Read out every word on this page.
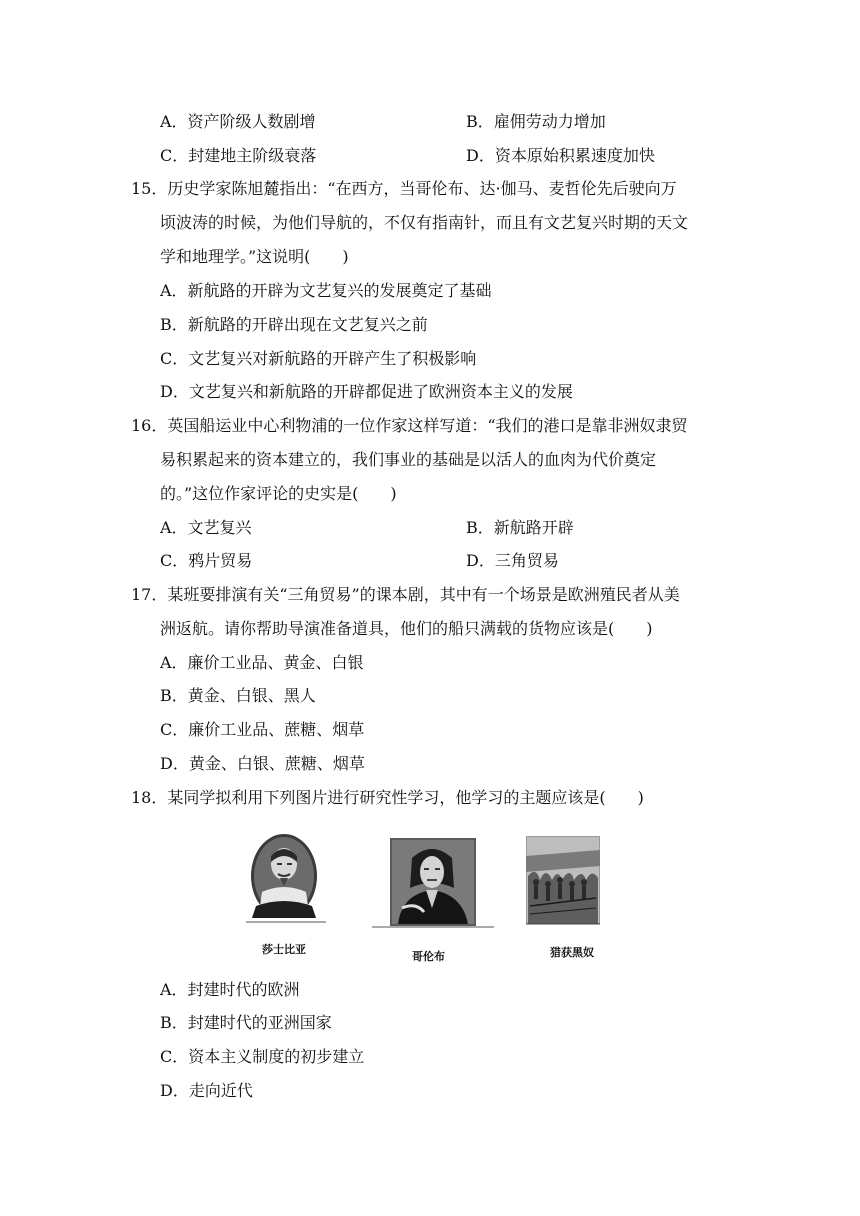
A．资产阶级人数剧增	B．雇佣劳动力增加
C．封建地主阶级衰落	D．资本原始积累速度加快
15．历史学家陈旭麓指出：“在西方，当哥伦布、达·伽马、麦哲伦先后驶向万
顷波涛的时候，为他们导航的，不仅有指南针，而且有文艺复兴时期的天文
学和地理学。”这说明(　　)
A．新航路的开辟为文艺复兴的发展奠定了基础
B．新航路的开辟出现在文艺复兴之前
C．文艺复兴对新航路的开辟产生了积极影响
D．文艺复兴和新航路的开辟都促进了欧洲资本主义的发展
16．英国船运业中心利物浦的一位作家这样写道：“我们的港口是靠非洲奴隶贸
易积累起来的资本建立的，我们事业的基础是以活人的血肉为代价奠定
的。”这位作家评论的史实是(　　)
A．文艺复兴	B．新航路开辟
C．鸦片贸易	D．三角贸易
17．某班要排演有关“三角贸易”的课本剧，其中有一个场景是欧洲殖民者从美
洲返航。请你帮助导演准备道具，他们的船只满载的货物应该是(　　)
A．廉价工业品、黄金、白银
B．黄金、白银、黑人
C．廉价工业品、蔗糖、烟草
D．黄金、白银、蔗糖、烟草
18．某同学拟利用下列图片进行研究性学习，他学习的主题应该是(　　)
莎士比亚
哥伦布	猎获黑奴
A．封建时代的欧洲
B．封建时代的亚洲国家
C．资本主义制度的初步建立
D．走向近代
